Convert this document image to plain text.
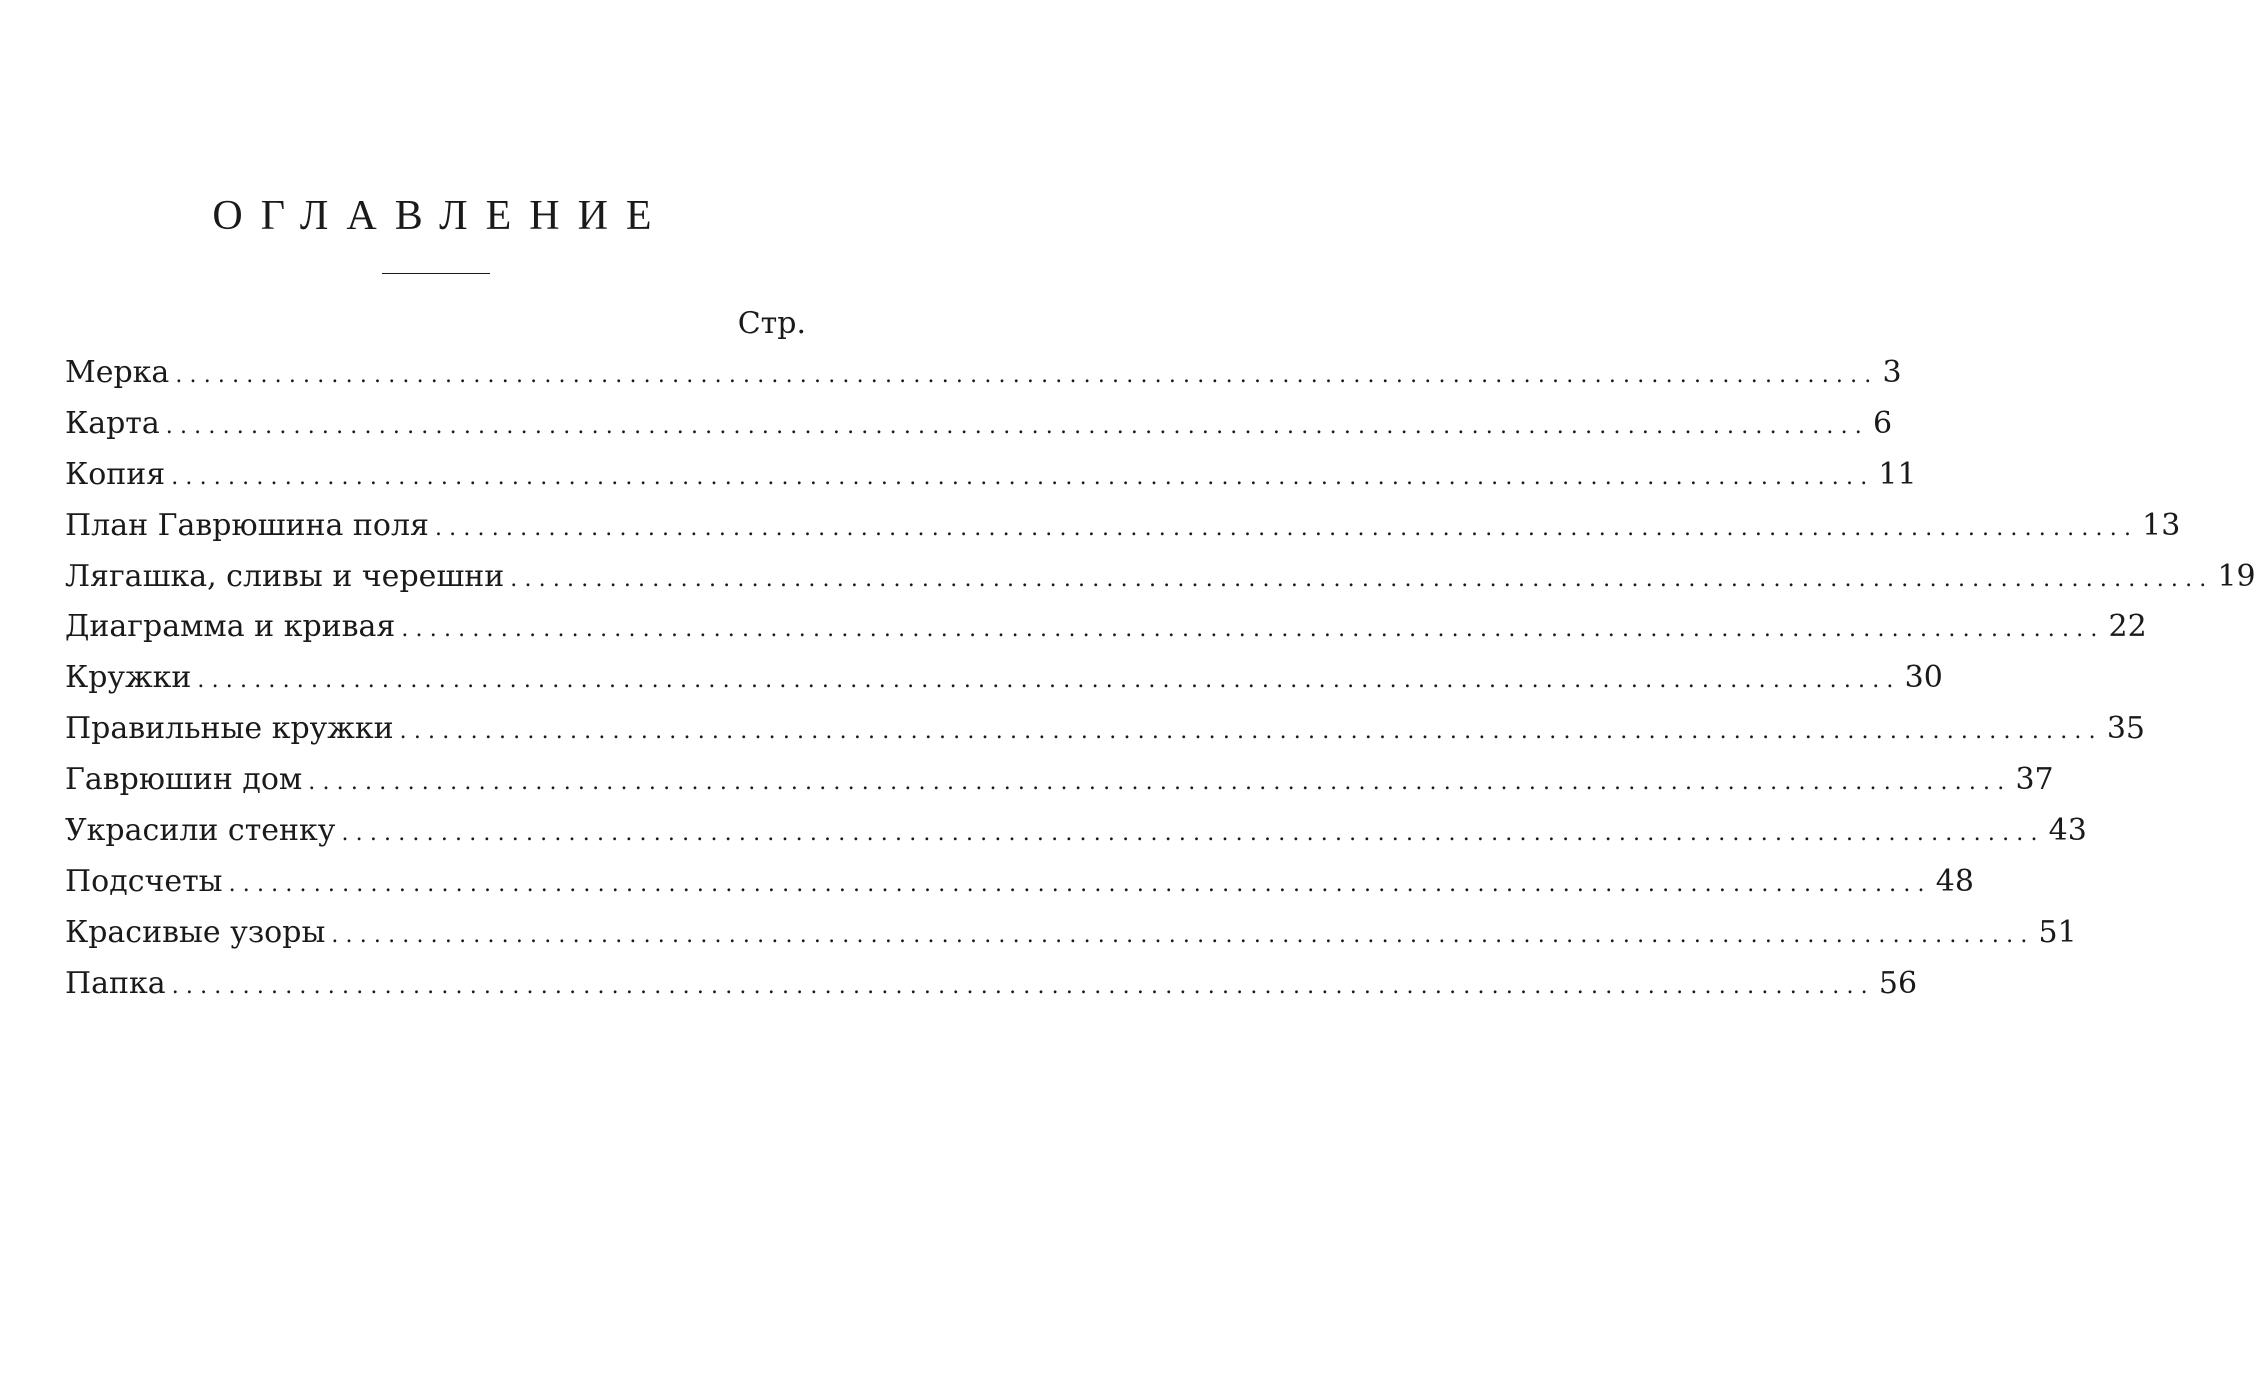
ОГЛАВЛЕНИЕ
Стр.
Мерка ........................................................................................................................ 3
Карта ........................................................................................................................ 6
Копия ........................................................................................................................ 11
План Гаврюшина поля ........................................................................................................................ 13
Лягашка, сливы и черешни ........................................................................................................................ 19
Диаграмма и кривая ........................................................................................................................ 22
Кружки ........................................................................................................................ 30
Правильные кружки ........................................................................................................................ 35
Гаврюшин дом ........................................................................................................................ 37
Украсили стенку ........................................................................................................................ 43
Подсчеты ........................................................................................................................ 48
Красивые узоры ........................................................................................................................ 51
Папка ........................................................................................................................ 56
